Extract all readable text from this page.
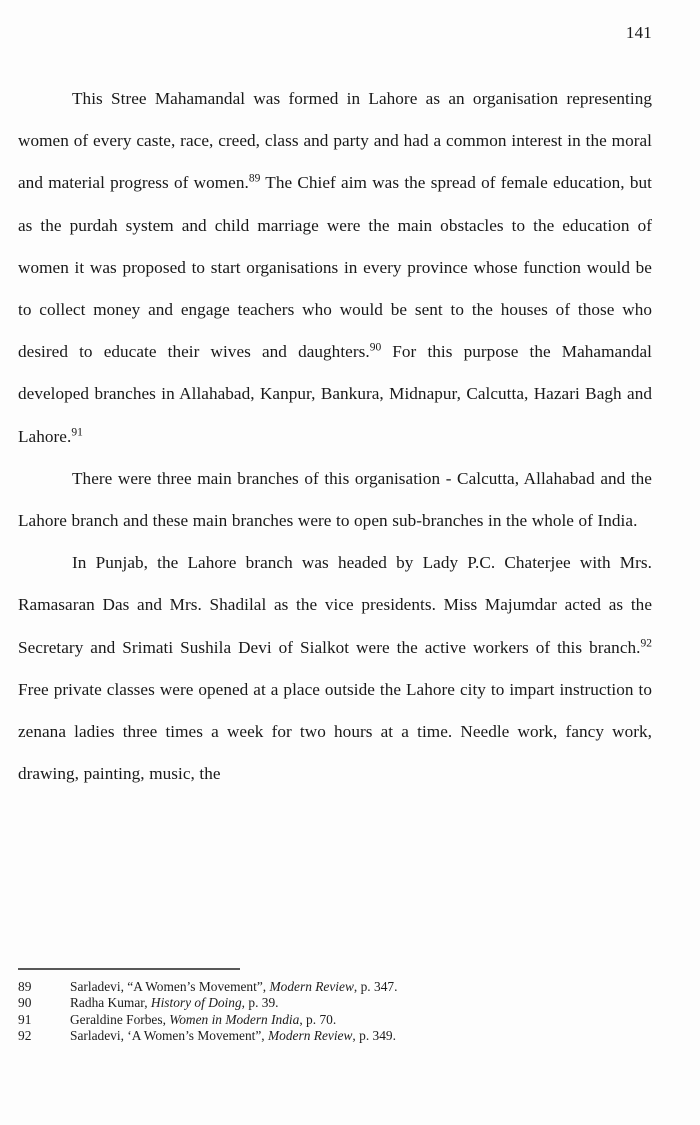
141

This Stree Mahamandal was formed in Lahore as an organisation representing women of every caste, race, creed, class and party and had a common interest in the moral and material progress of women.$^{89}$ The Chief aim was the spread of female education, but as the purdah system and child marriage were the main obstacles to the education of women it was proposed to start organisations in every province whose function would be to collect money and engage teachers who would be sent to the houses of those who desired to educate their wives and daughters.$^{90}$ For this purpose the Mahamandal developed branches in Allahabad, Kanpur, Bankura, Midnapur, Calcutta, Hazari Bagh and Lahore.$^{91}$

There were three main branches of this organisation - Calcutta, Allahabad and the Lahore branch and these main branches were to open sub-branches in the whole of India.

In Punjab, the Lahore branch was headed by Lady P.C. Chaterjee with Mrs. Ramasaran Das and Mrs. Shadilal as the vice presidents. Miss Majumdar acted as the Secretary and Srimati Sushila Devi of Sialkot were the active workers of this branch.$^{92}$ Free private classes were opened at a place outside the Lahore city to impart instruction to zenana ladies three times a week for two hours at a time. Needle work, fancy work, drawing, painting, music, the

89	Sarladevi, “A Women’s Movement”, Modern Review, p. 347.
90	Radha Kumar, History of Doing, p. 39.
91	Geraldine Forbes, Women in Modern India, p. 70.
92	Sarladevi, ‘A Women’s Movement”, Modern Review, p. 349.
